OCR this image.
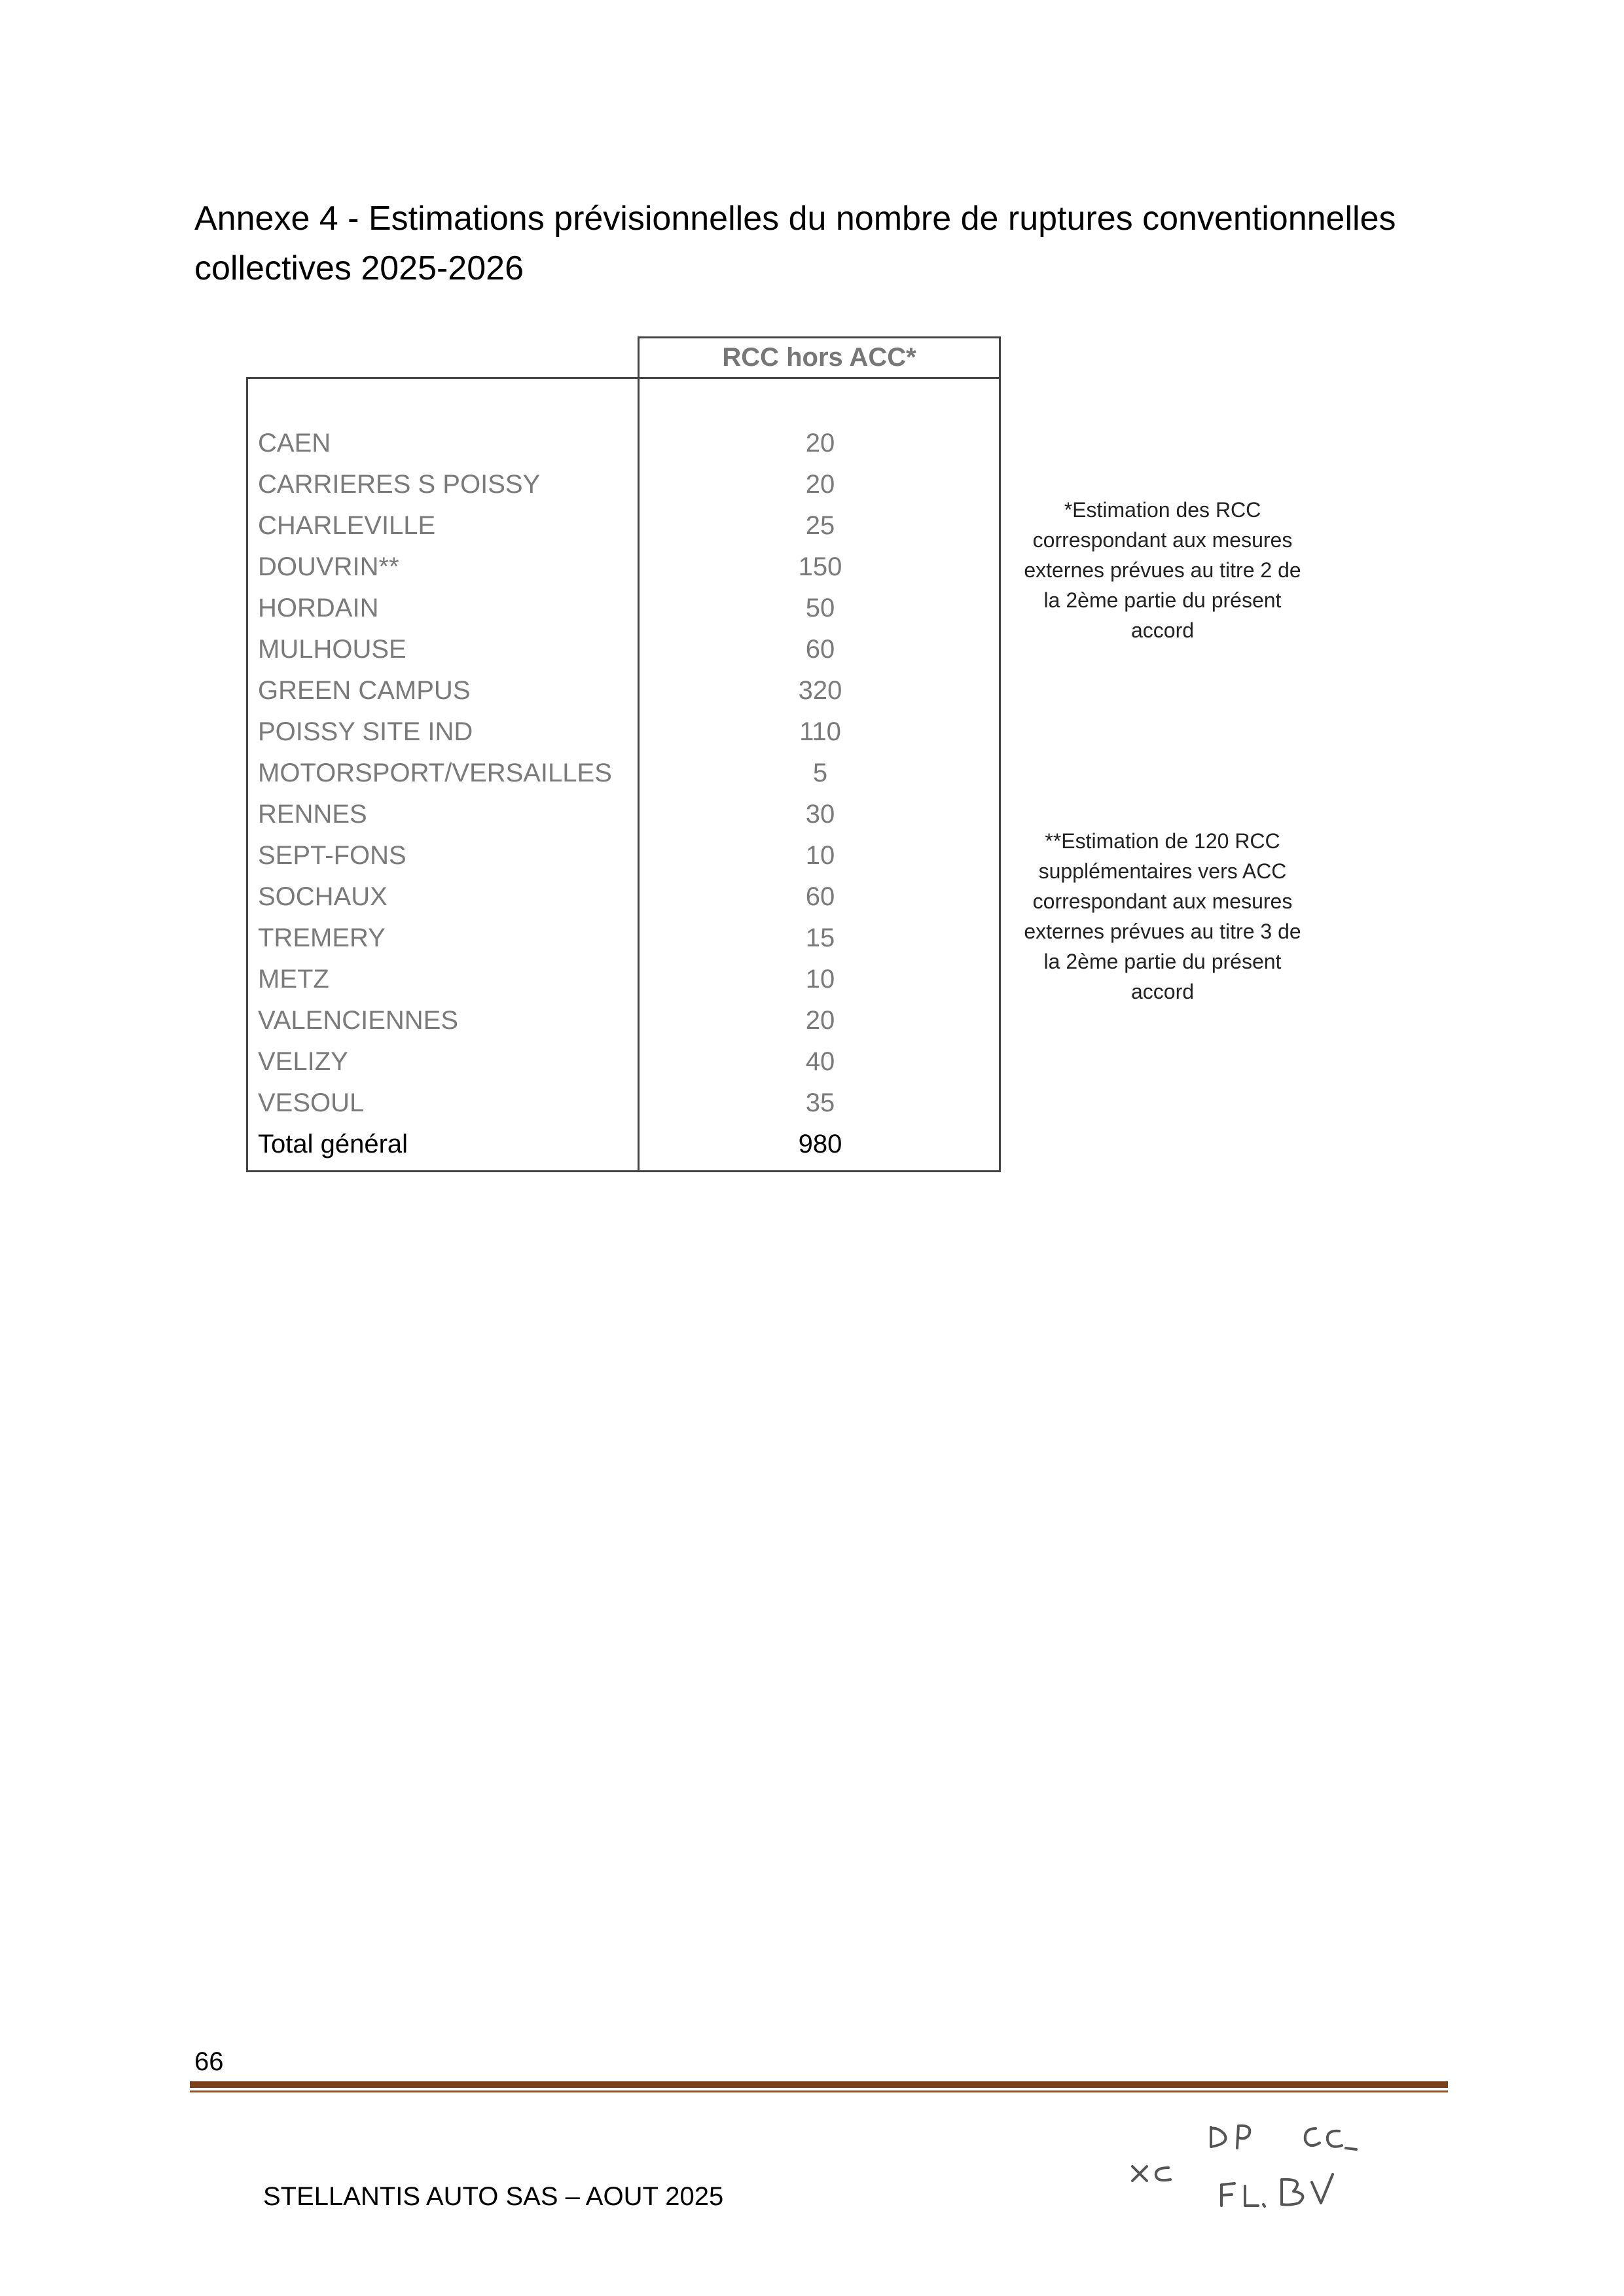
Annexe 4 - Estimations prévisionnelles du nombre de ruptures conventionnelles collectives 2025-2026
RCC hors ACC*
CAEN	20
CARRIERES S POISSY	20
CHARLEVILLE	25
DOUVRIN**	150
HORDAIN	50
MULHOUSE	60
GREEN CAMPUS	320
POISSY SITE IND	110
MOTORSPORT/VERSAILLES	5
RENNES	30
SEPT-FONS	10
SOCHAUX	60
TREMERY	15
METZ	10
VALENCIENNES	20
VELIZY	40
VESOUL	35
Total général	980
*Estimation des RCC
correspondant aux mesures
externes prévues au titre 2 de
la 2ème partie du présent
accord
**Estimation de 120 RCC
supplémentaires vers ACC
correspondant aux mesures
externes prévues au titre 3 de
la 2ème partie du présent
accord
66
STELLANTIS AUTO SAS – AOUT 2025
